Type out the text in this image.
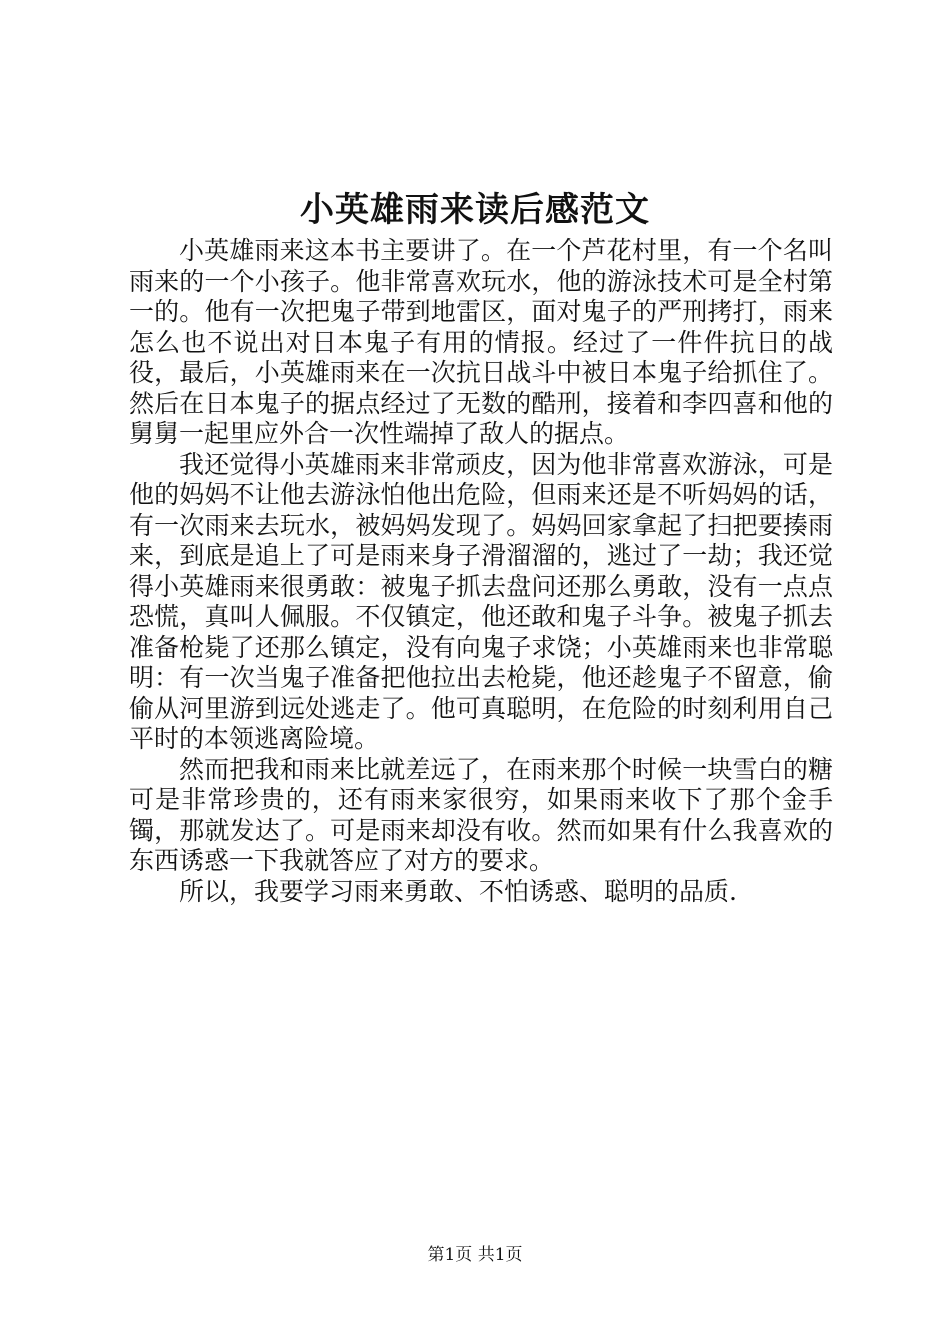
小英雄雨来读后感范文

小英雄雨来这本书主要讲了。在一个芦花村里，有一个名叫雨来的一个小孩子。他非常喜欢玩水，他的游泳技术可是全村第一的。他有一次把鬼子带到地雷区，面对鬼子的严刑拷打，雨来怎么也不说出对日本鬼子有用的情报。经过了一件件抗日的战役，最后，小英雄雨来在一次抗日战斗中被日本鬼子给抓住了。然后在日本鬼子的据点经过了无数的酷刑，接着和李四喜和他的舅舅一起里应外合一次性端掉了敌人的据点。

我还觉得小英雄雨来非常顽皮，因为他非常喜欢游泳，可是他的妈妈不让他去游泳怕他出危险，但雨来还是不听妈妈的话，有一次雨来去玩水，被妈妈发现了。妈妈回家拿起了扫把要揍雨来，到底是追上了可是雨来身子滑溜溜的，逃过了一劫；我还觉得小英雄雨来很勇敢：被鬼子抓去盘问还那么勇敢，没有一点点恐慌，真叫人佩服。不仅镇定，他还敢和鬼子斗争。被鬼子抓去准备枪毙了还那么镇定，没有向鬼子求饶；小英雄雨来也非常聪明：有一次当鬼子准备把他拉出去枪毙，他还趁鬼子不留意，偷偷从河里游到远处逃走了。他可真聪明，在危险的时刻利用自己平时的本领逃离险境。

然而把我和雨来比就差远了，在雨来那个时候一块雪白的糖可是非常珍贵的，还有雨来家很穷，如果雨来收下了那个金手镯，那就发达了。可是雨来却没有收。然而如果有什么我喜欢的东西诱惑一下我就答应了对方的要求。

所以，我要学习雨来勇敢、不怕诱惑、聪明的品质.

第1页 共1页
